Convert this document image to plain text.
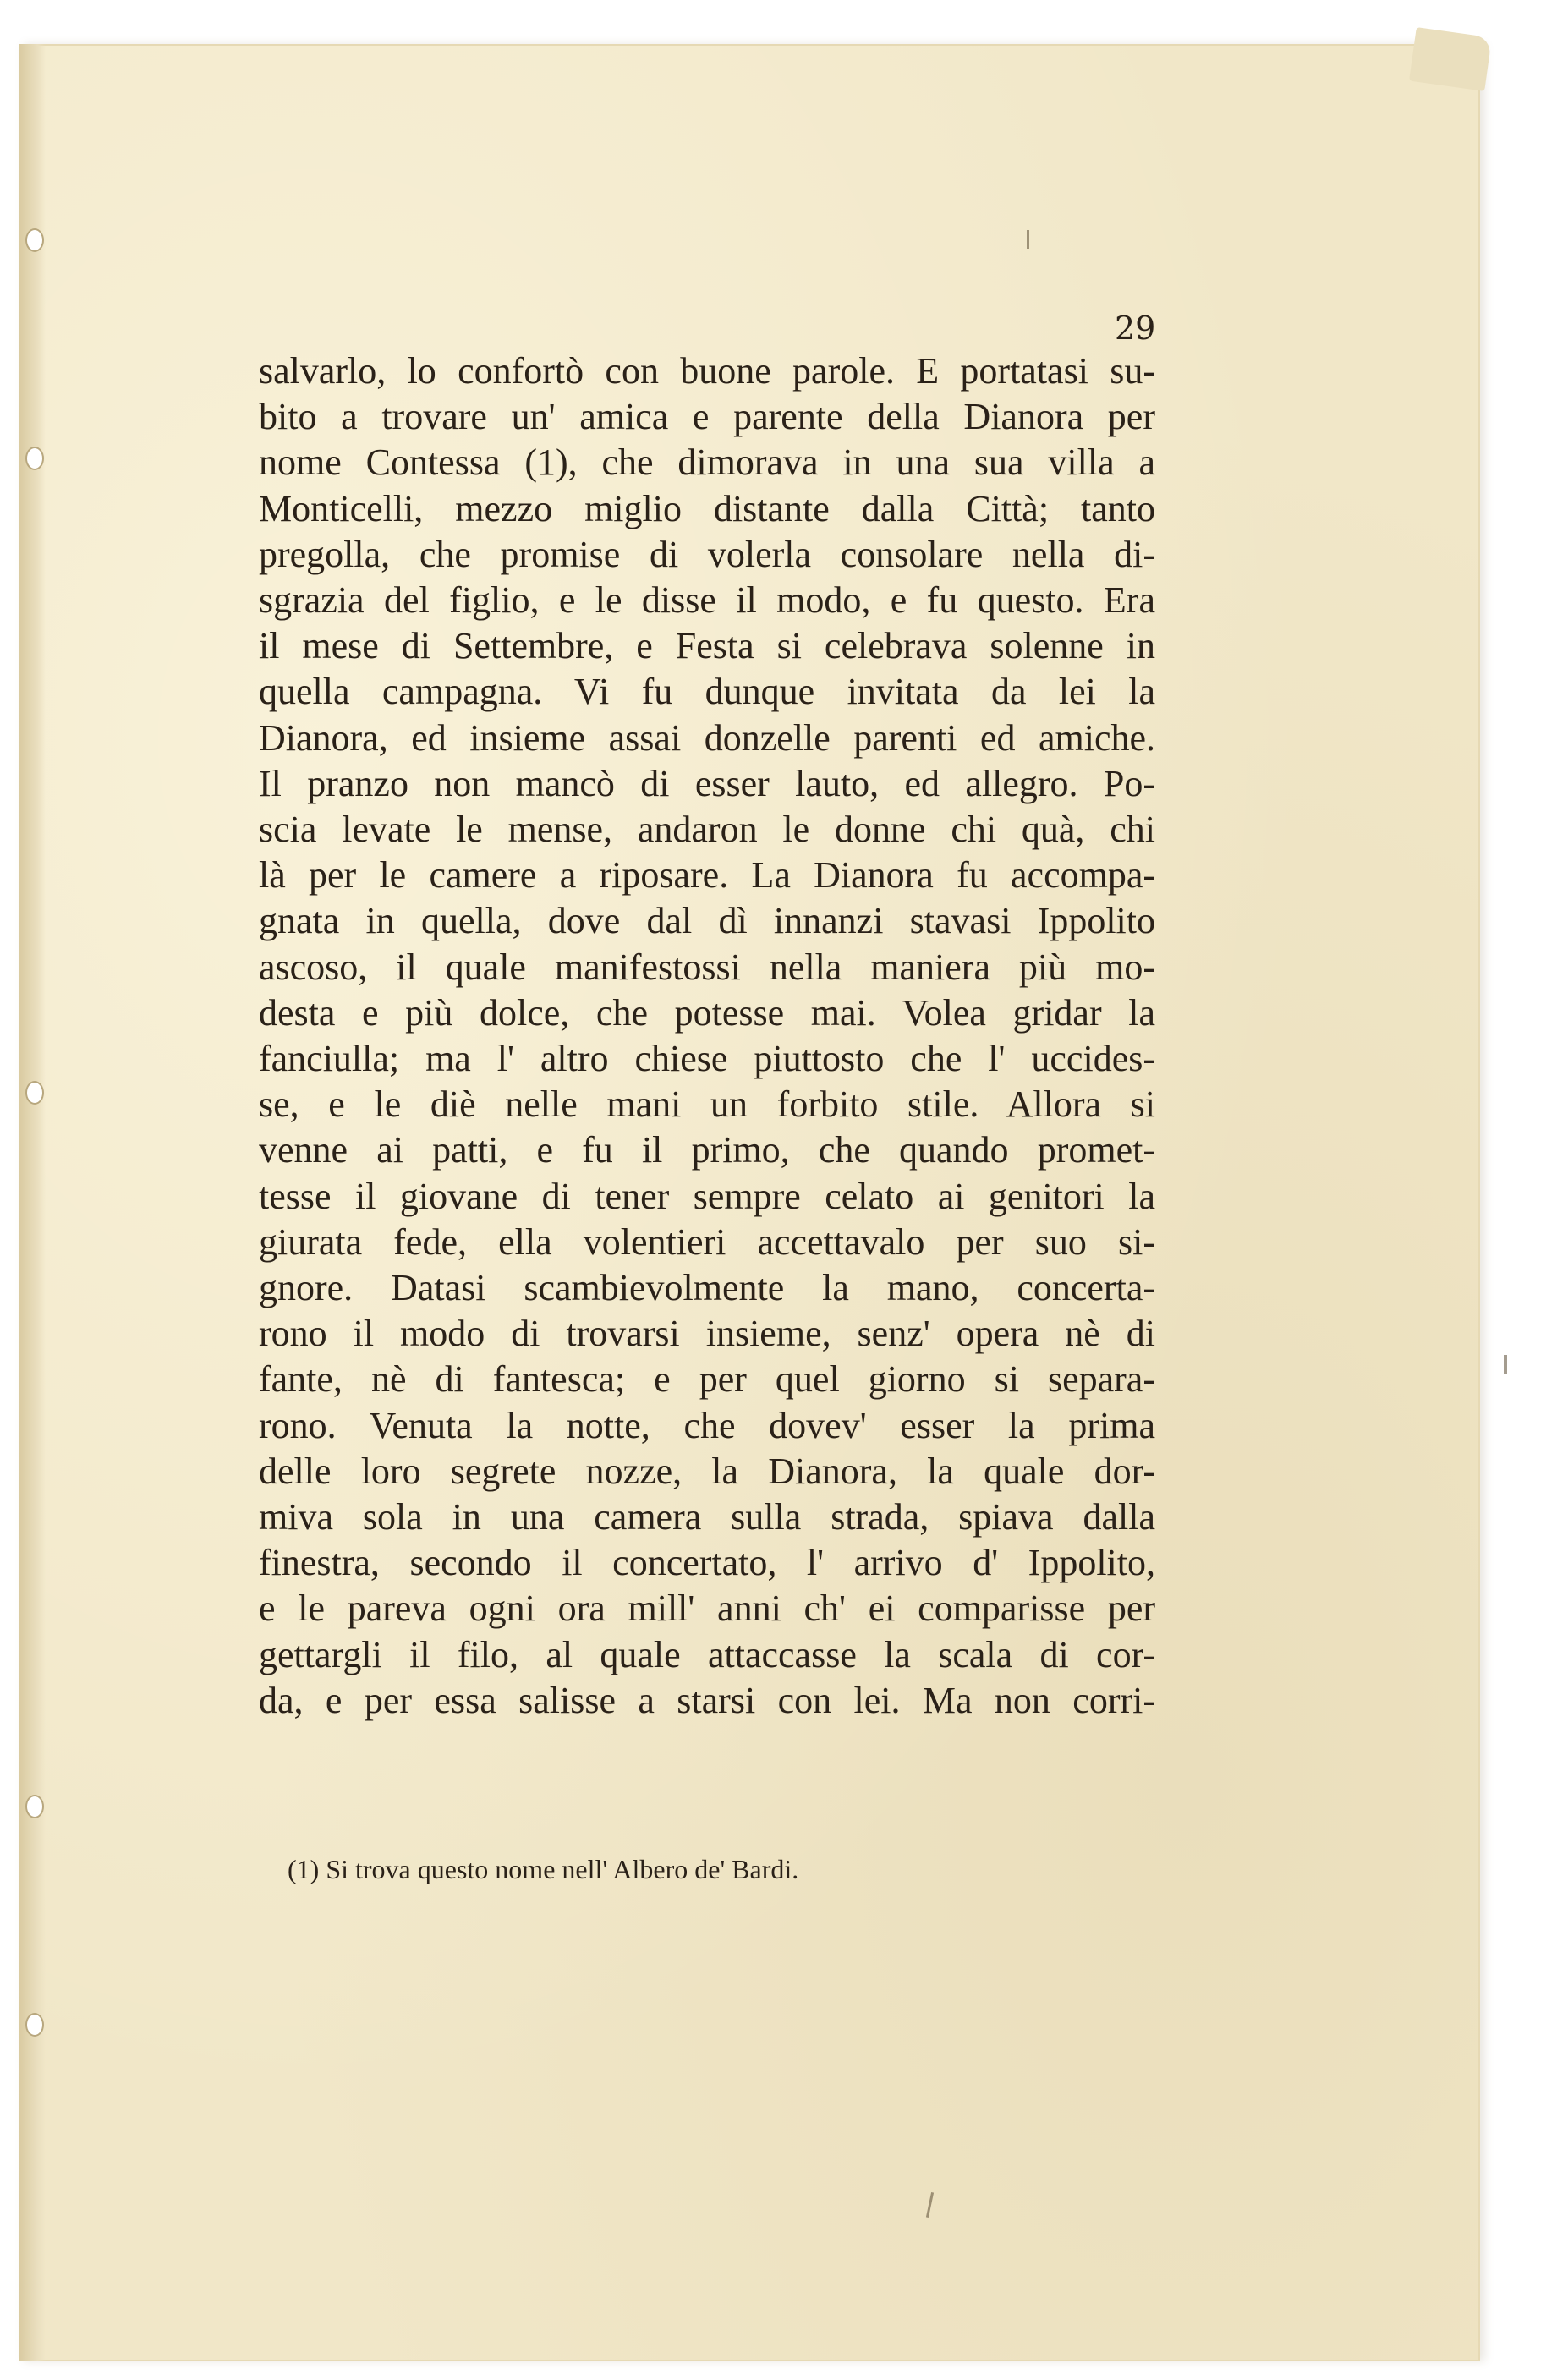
29
salvarlo, lo confortò con buone parole. E portatasi su-
bito a trovare un' amica e parente della Dianora per
nome Contessa (1), che dimorava in una sua villa a
Monticelli, mezzo miglio distante dalla Città; tanto
pregolla, che promise di volerla consolare nella di-
sgrazia del figlio, e le disse il modo, e fu questo. Era
il mese di Settembre, e Festa si celebrava solenne in
quella campagna. Vi fu dunque invitata da lei la
Dianora, ed insieme assai donzelle parenti ed amiche.
Il pranzo non mancò di esser lauto, ed allegro. Po-
scia levate le mense, andaron le donne chi quà, chi
là per le camere a riposare. La Dianora fu accompa-
gnata in quella, dove dal dì innanzi stavasi Ippolito
ascoso, il quale manifestossi nella maniera più mo-
desta e più dolce, che potesse mai. Volea gridar la
fanciulla; ma l' altro chiese piuttosto che l' uccides-
se, e le diè nelle mani un forbito stile. Allora si
venne ai patti, e fu il primo, che quando promet-
tesse il giovane di tener sempre celato ai genitori la
giurata fede, ella volentieri accettavalo per suo si-
gnore. Datasi scambievolmente la mano, concerta-
rono il modo di trovarsi insieme, senz' opera nè di
fante, nè di fantesca; e per quel giorno si separa-
rono. Venuta la notte, che dovev' esser la prima
delle loro segrete nozze, la Dianora, la quale dor-
miva sola in una camera sulla strada, spiava dalla
finestra, secondo il concertato, l' arrivo d' Ippolito,
e le pareva ogni ora mill' anni ch' ei comparisse per
gettargli il filo, al quale attaccasse la scala di cor-
da, e per essa salisse a starsi con lei. Ma non corri-
(1) Si trova questo nome nell' Albero de' Bardi.
